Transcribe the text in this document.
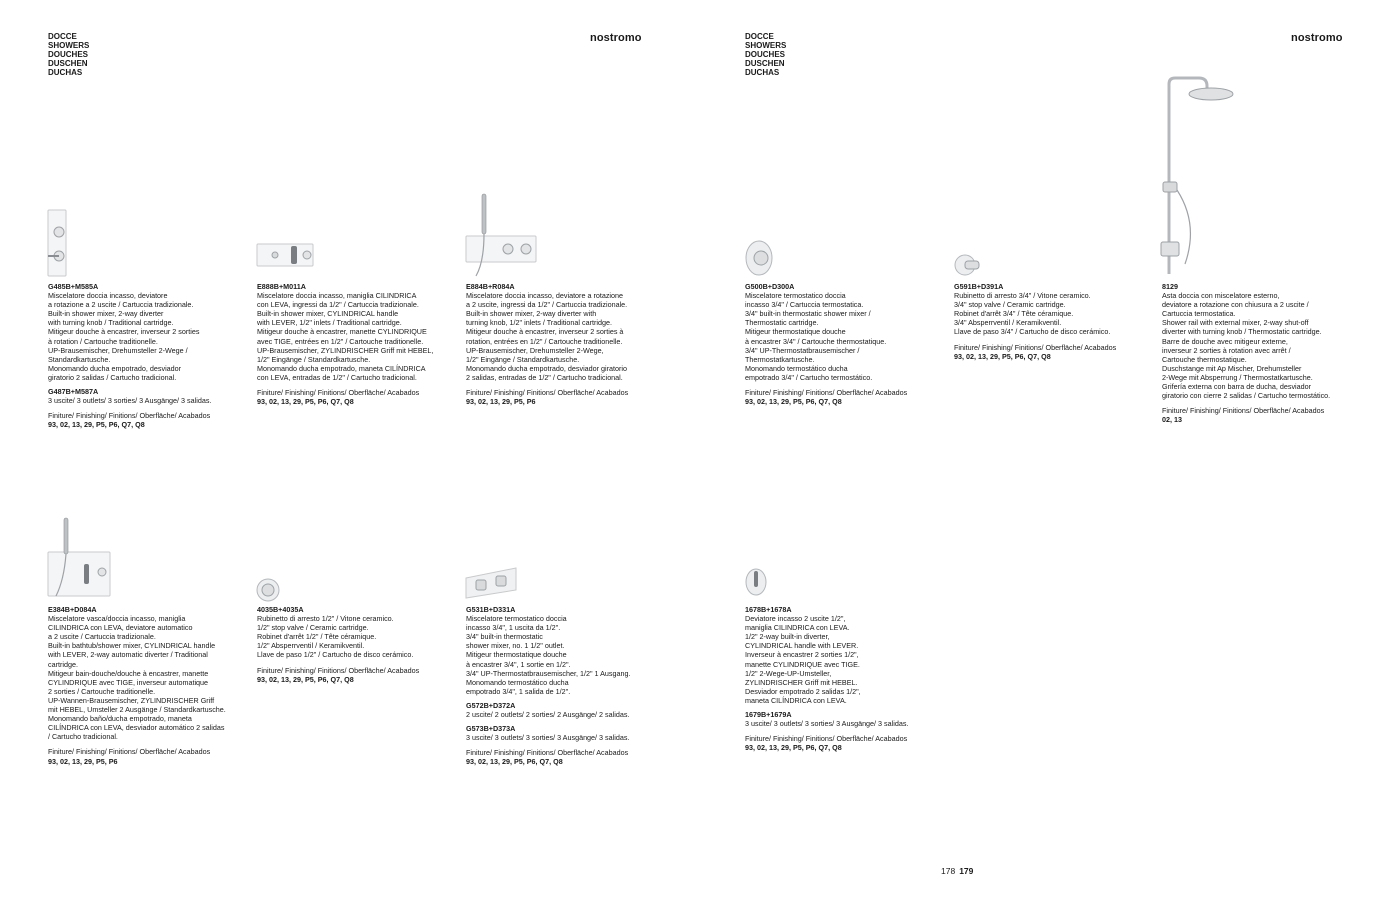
DOCCE
SHOWERS
DOUCHES
DUSCHEN
DUCHAS
nostromo
G485B+M585A
Miscelatore doccia incasso, deviatore
a rotazione a 2 uscite / Cartuccia tradizionale.
Built-in shower mixer, 2-way diverter
with turning knob / Traditional cartridge.
Mitigeur douche à encastrer, inverseur 2 sorties
à rotation / Cartouche traditionelle.
UP-Brausemischer, Drehumsteller 2-Wege /
Standardkartusche.
Monomando ducha empotrado, desviador
giratorio 2 salidas / Cartucho tradicional.
G487B+M587A
3 uscite/ 3 outlets/ 3 sorties/ 3 Ausgänge/ 3 salidas.
Finiture/ Finishing/ Finitions/ Oberfläche/ Acabados
93, 02, 13, 29, P5, P6, Q7, Q8
E888B+M011A
Miscelatore doccia incasso, maniglia CILINDRICA
con LEVA, ingressi da 1/2" / Cartuccia tradizionale.
Built-in shower mixer, CYLINDRICAL handle
with LEVER, 1/2" inlets / Traditional cartridge.
Mitigeur douche à encastrer, manette CYLINDRIQUE
avec TIGE, entrées en 1/2" / Cartouche traditionelle.
UP-Brausemischer, ZYLINDRISCHER Griff mit HEBEL,
1/2" Eingänge / Standardkartusche.
Monomando ducha empotrado, maneta CILÍNDRICA
con LEVA, entradas de 1/2" / Cartucho tradicional.
Finiture/ Finishing/ Finitions/ Oberfläche/ Acabados
93, 02, 13, 29, P5, P6, Q7, Q8
E884B+R084A
Miscelatore doccia incasso, deviatore a rotazione
a 2 uscite, ingressi da 1/2" / Cartuccia tradizionale.
Built-in shower mixer, 2-way diverter with
turning knob, 1/2" inlets / Traditional cartridge.
Mitigeur douche à encastrer, inverseur 2 sorties à
rotation, entrées en 1/2" / Cartouche traditionelle.
UP-Brausemischer, Drehumsteller 2-Wege,
1/2" Eingänge / Standardkartusche.
Monomando ducha empotrado, desviador giratorio
2 salidas, entradas de 1/2" / Cartucho tradicional.
Finiture/ Finishing/ Finitions/ Oberfläche/ Acabados
93, 02, 13, 29, P5, P6
E384B+D084A
Miscelatore vasca/doccia incasso, maniglia
CILINDRICA con LEVA, deviatore automatico
a 2 uscite / Cartuccia tradizionale.
Built-in bathtub/shower mixer, CYLINDRICAL handle
with LEVER, 2-way automatic diverter / Traditional
cartridge.
Mitigeur bain-douche/douche à encastrer, manette
CYLINDRIQUE avec TIGE, inverseur automatique
2 sorties / Cartouche traditionelle.
UP-Wannen-Brausemischer, ZYLINDRISCHER Griff
mit HEBEL, Umsteller 2 Ausgänge / Standardkartusche.
Monomando baño/ducha empotrado, maneta
CILÍNDRICA con LEVA, desviador automático 2 salidas
/ Cartucho tradicional.
Finiture/ Finishing/ Finitions/ Oberfläche/ Acabados
93, 02, 13, 29, P5, P6
4035B+4035A
Rubinetto di arresto 1/2" / Vitone ceramico.
1/2" stop valve / Ceramic cartridge.
Robinet d'arrêt 1/2" / Tête céramique.
1/2" Absperrventil / Keramikventil.
Llave de paso 1/2" / Cartucho de disco cerámico.
Finiture/ Finishing/ Finitions/ Oberfläche/ Acabados
93, 02, 13, 29, P5, P6, Q7, Q8
G531B+D331A
Miscelatore termostatico doccia
incasso 3/4", 1 uscita da 1/2".
3/4" built-in thermostatic
shower mixer, no. 1 1/2" outlet.
Mitigeur thermostatique douche
à encastrer 3/4", 1 sortie en 1/2".
3/4" UP-Thermostatbrausemischer, 1/2" 1 Ausgang.
Monomando termostático ducha
empotrado 3/4", 1 salida de 1/2".
G572B+D372A
2 uscite/ 2 outlets/ 2 sorties/ 2 Ausgänge/ 2 salidas.
G573B+D373A
3 uscite/ 3 outlets/ 3 sorties/ 3 Ausgänge/ 3 salidas.
Finiture/ Finishing/ Finitions/ Oberfläche/ Acabados
93, 02, 13, 29, P5, P6, Q7, Q8
DOCCE
SHOWERS
DOUCHES
DUSCHEN
DUCHAS
nostromo
G500B+D300A
Miscelatore termostatico doccia
incasso 3/4" / Cartuccia termostatica.
3/4" built-in thermostatic shower mixer /
Thermostatic cartridge.
Mitigeur thermostatique douche
à encastrer 3/4" / Cartouche thermostatique.
3/4" UP-Thermostatbrausemischer /
Thermostatkartusche.
Monomando termostático ducha
empotrado 3/4" / Cartucho termostático.
Finiture/ Finishing/ Finitions/ Oberfläche/ Acabados
93, 02, 13, 29, P5, P6, Q7, Q8
G591B+D391A
Rubinetto di arresto 3/4" / Vitone ceramico.
3/4" stop valve / Ceramic cartridge.
Robinet d'arrêt 3/4" / Tête céramique.
3/4" Absperrventil / Keramikventil.
Llave de paso 3/4" / Cartucho de disco cerámico.
Finiture/ Finishing/ Finitions/ Oberfläche/ Acabados
93, 02, 13, 29, P5, P6, Q7, Q8
8129
Asta doccia con miscelatore esterno,
deviatore a rotazione con chiusura a 2 uscite /
Cartuccia termostatica.
Shower rail with external mixer, 2-way shut-off
diverter with turning knob / Thermostatic cartridge.
Barre de douche avec mitigeur externe,
inverseur 2 sorties à rotation avec arrêt /
Cartouche thermostatique.
Duschstange mit Ap Mischer, Drehumsteller
2-Wege mit Absperrung / Thermostatkartusche.
Grifería externa con barra de ducha, desviador
giratorio con cierre 2 salidas / Cartucho termostático.
Finiture/ Finishing/ Finitions/ Oberfläche/ Acabados
02, 13
1678B+1678A
Deviatore incasso 2 uscite 1/2",
maniglia CILINDRICA con LEVA.
1/2" 2-way built-in diverter,
CYLINDRICAL handle with LEVER.
Inverseur à encastrer 2 sorties 1/2",
manette CYLINDRIQUE avec TIGE.
1/2" 2-Wege-UP-Umsteller,
ZYLINDRISCHER Griff mit HEBEL.
Desviador empotrado 2 salidas 1/2",
maneta CILÍNDRICA con LEVA.
1679B+1679A
3 uscite/ 3 outlets/ 3 sorties/ 3 Ausgänge/ 3 salidas.
Finiture/ Finishing/ Finitions/ Oberfläche/ Acabados
93, 02, 13, 29, P5, P6, Q7, Q8
178 179
